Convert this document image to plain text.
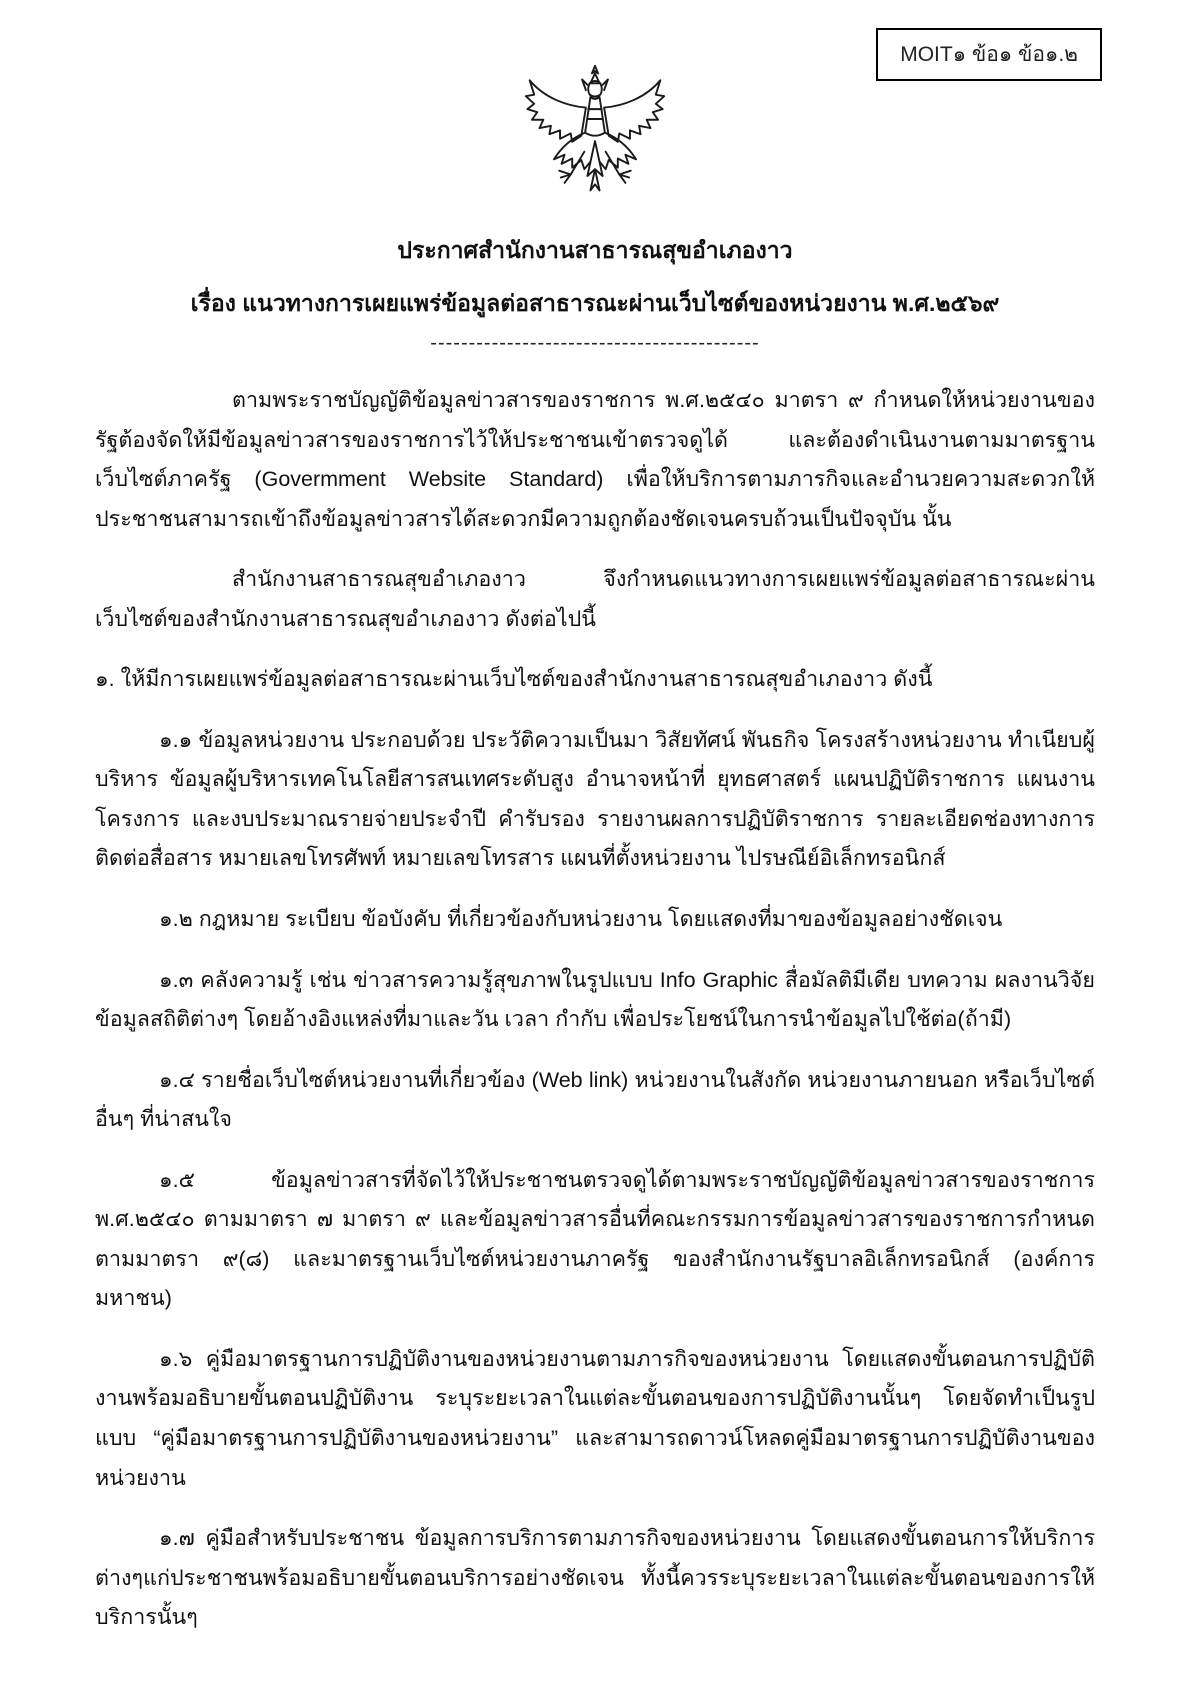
MOIT๑ ข้อ๑ ข้อ๑.๒
ประกาศสำนักงานสาธารณสุขอำเภองาว
เรื่อง แนวทางการเผยแพร่ข้อมูลต่อสาธารณะผ่านเว็บไซต์ของหน่วยงาน พ.ศ.๒๕๖๙
-------------------------------------------

ตามพระราชบัญญัติข้อมูลข่าวสารของราชการ พ.ศ.๒๕๔๐ มาตรา ๙ กำหนดให้หน่วยงานของรัฐต้องจัดให้มีข้อมูลข่าวสารของราชการไว้ให้ประชาชนเข้าตรวจดูได้ และต้องดำเนินงานตามมาตรฐานเว็บไซต์ภาครัฐ (Govermment Website Standard) เพื่อให้บริการตามภารกิจและอำนวยความสะดวกให้ประชาชนสามารถเข้าถึงข้อมูลข่าวสารได้สะดวกมีความถูกต้องชัดเจนครบถ้วนเป็นปัจจุบัน นั้น

สำนักงานสาธารณสุขอำเภองาว จึงกำหนดแนวทางการเผยแพร่ข้อมูลต่อสาธารณะผ่านเว็บไซต์ของสำนักงานสาธารณสุขอำเภองาว ดังต่อไปนี้

๑. ให้มีการเผยแพร่ข้อมูลต่อสาธารณะผ่านเว็บไซต์ของสำนักงานสาธารณสุขอำเภองาว ดังนี้

๑.๑ ข้อมูลหน่วยงาน ประกอบด้วย ประวัติความเป็นมา วิสัยทัศน์ พันธกิจ โครงสร้างหน่วยงาน ทำเนียบผู้บริหาร ข้อมูลผู้บริหารเทคโนโลยีสารสนเทศระดับสูง อำนาจหน้าที่ ยุทธศาสตร์ แผนปฏิบัติราชการ แผนงานโครงการ และงบประมาณรายจ่ายประจำปี คำรับรอง รายงานผลการปฏิบัติราชการ รายละเอียดช่องทางการติดต่อสื่อสาร หมายเลขโทรศัพท์ หมายเลขโทรสาร แผนที่ตั้งหน่วยงาน ไปรษณีย์อิเล็กทรอนิกส์

๑.๒ กฎหมาย ระเบียบ ข้อบังคับ ที่เกี่ยวข้องกับหน่วยงาน โดยแสดงที่มาของข้อมูลอย่างชัดเจน

๑.๓ คลังความรู้ เช่น ข่าวสารความรู้สุขภาพในรูปแบบ Info Graphic สื่อมัลติมีเดีย บทความ ผลงานวิจัย ข้อมูลสถิติต่างๆ โดยอ้างอิงแหล่งที่มาและวัน เวลา กำกับ เพื่อประโยชน์ในการนำข้อมูลไปใช้ต่อ(ถ้ามี)

๑.๔ รายชื่อเว็บไซต์หน่วยงานที่เกี่ยวข้อง (Web link) หน่วยงานในสังกัด หน่วยงานภายนอก หรือเว็บไซต์อื่นๆ ที่น่าสนใจ

๑.๕ ข้อมูลข่าวสารที่จัดไว้ให้ประชาชนตรวจดูได้ตามพระราชบัญญัติข้อมูลข่าวสารของราชการ พ.ศ.๒๕๔๐ ตามมาตรา ๗ มาตรา ๙ และข้อมูลข่าวสารอื่นที่คณะกรรมการข้อมูลข่าวสารของราชการกำหนดตามมาตรา ๙(๘) และมาตรฐานเว็บไซต์หน่วยงานภาครัฐ ของสำนักงานรัฐบาลอิเล็กทรอนิกส์ (องค์การมหาชน)

๑.๖ คู่มือมาตรฐานการปฏิบัติงานของหน่วยงานตามภารกิจของหน่วยงาน โดยแสดงขั้นตอนการปฏิบัติงานพร้อมอธิบายขั้นตอนปฏิบัติงาน ระบุระยะเวลาในแต่ละขั้นตอนของการปฏิบัติงานนั้นๆ โดยจัดทำเป็นรูปแบบ “คู่มือมาตรฐานการปฏิบัติงานของหน่วยงาน” และสามารถดาวน์โหลดคู่มือมาตรฐานการปฏิบัติงานของหน่วยงาน

๑.๗ คู่มือสำหรับประชาชน ข้อมูลการบริการตามภารกิจของหน่วยงาน โดยแสดงขั้นตอนการให้บริการต่างๆแก่ประชาชนพร้อมอธิบายขั้นตอนบริการอย่างชัดเจน ทั้งนี้ควรระบุระยะเวลาในแต่ละขั้นตอนของการให้บริการนั้นๆ
